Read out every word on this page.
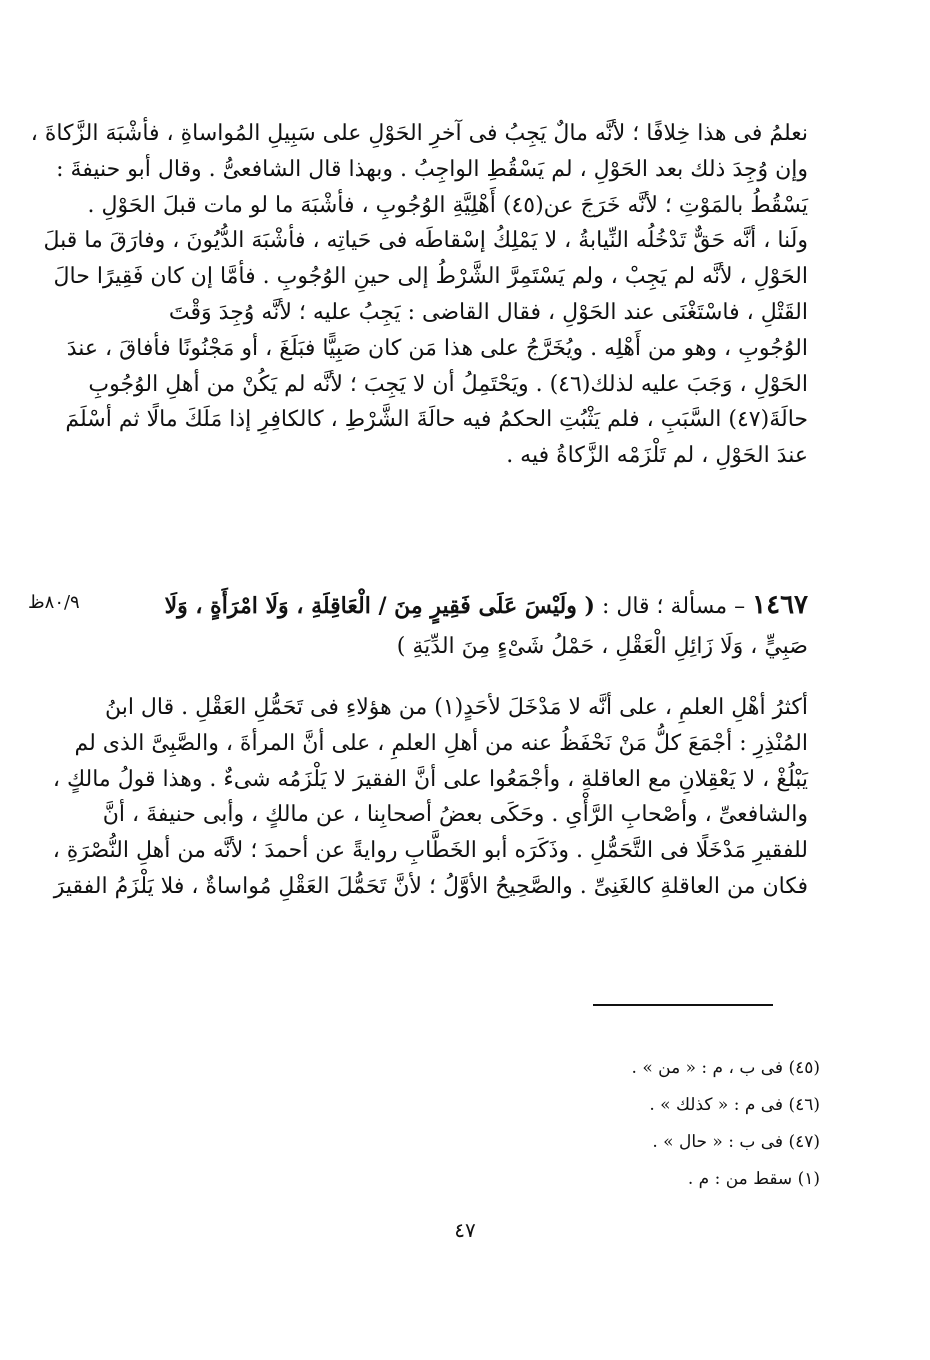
نعلمُ فى هذا خِلافًا ؛ لأنَّه مالٌ يَجِبُ فى آخرِ الحَوْلِ على سَبِيلِ المُواساةِ ، فأشْبَهَ الزَّكاةَ ،
وإن وُجِدَ ذلك بعد الحَوْلِ ، لم يَسْقُطِ الواجِبُ . وبهذا قال الشافعىُّ . وقال أبو حنيفةَ :
يَسْقُطُ بالمَوْتِ ؛ لأنَّه خَرَجَ عن(٤٥) أَهْلِيَّةِ الوُجُوبِ ، فأشْبَهَ ما لو مات قبلَ الحَوْلِ .
ولَنا ، أنَّه حَقٌّ تَدْخُلُه النِّيابةُ ، لا يَمْلِكُ إسْقاطَه فى حَياتِه ، فأشْبَهَ الدُّيُونَ ، وفارَقَ ما قبلَ
الحَوْلِ ، لأنَّه لم يَجِبْ ، ولم يَسْتَمِرَّ الشَّرْطُ إلى حينِ الوُجُوبِ . فأمَّا إن كان فَقِيرًا حالَ
القَتْلِ ، فاسْتَغْنَى عند الحَوْلِ ، فقال القاضى : يَجِبُ عليه ؛ لأنَّه وُجِدَ وَقْتَ
الوُجُوبِ ، وهو من أَهْلِه . ويُخَرَّجُ على هذا مَن كان صَبِيًّا فبَلَغَ ، أو مَجْنُونًا فأفاقَ ، عندَ
الحَوْلِ ، وَجَبَ عليه لذلك(٤٦) . ويَحْتَمِلُ أن لا يَجِبَ ؛ لأنَّه لم يَكُنْ من أهلِ الوُجُوبِ
حالَةَ(٤٧) السَّبَبِ ، فلم يَثْبُتِ الحكمُ فيه حالَةَ الشَّرْطِ ، كالكافِرِ إذا مَلَكَ مالًا ثم أسْلَمَ
عندَ الحَوْلِ ، لم تَلْزَمْه الزَّكاةُ فيه .
٨٠/٩ظ	١٤٦٧ – مسألة ؛ قال : ( ولَيْسَ عَلَى فَقِيرٍ مِنَ / الْعَاقِلَةِ ، وَلَا امْرَأَةٍ ، وَلَا
صَبِيٍّ ، وَلَا زَائِلِ الْعَقْلِ ، حَمْلُ شَىْءٍ مِنَ الدِّيَةِ )
أكثرُ أهْلِ العلمِ ، على أنَّه لا مَدْخَلَ لأحَدٍ(١) من هؤلاءِ فى تَحَمُّلِ العَقْلِ . قال ابنُ
المُنْذِرِ : أجْمَعَ كلُّ مَنْ نَحْفَظُ عنه من أهلِ العلمِ ، على أنَّ المرأةَ ، والصَّبِىَّ الذى لم
يَبْلُغْ ، لا يَعْقِلانِ مع العاقلةِ ، وأجْمَعُوا على أنَّ الفقيرَ لا يَلْزَمُه شىءٌ . وهذا قولُ مالكٍ ،
والشافعىِّ ، وأصْحابِ الرَّأْىِ . وحَكَى بعضُ أصحابِنا ، عن مالكٍ ، وأبى حنيفةَ ، أنَّ
للفقيرِ مَدْخَلًا فى التَّحَمُّلِ . وذَكَرَه أبو الخَطَّابِ روايةً عن أحمدَ ؛ لأنَّه من أهلِ النُّصْرَةِ ،
فكان من العاقلةِ كالغَنِىِّ . والصَّحِيحُ الأوَّلُ ؛ لأنَّ تَحَمُّلَ العَقْلِ مُواساةٌ ، فلا يَلْزَمُ الفقيرَ
(٤٥) فى ب ، م : « من » .
(٤٦) فى م : « كذلك » .
(٤٧) فى ب : « حال » .
(١) سقط من : م .
٤٧
